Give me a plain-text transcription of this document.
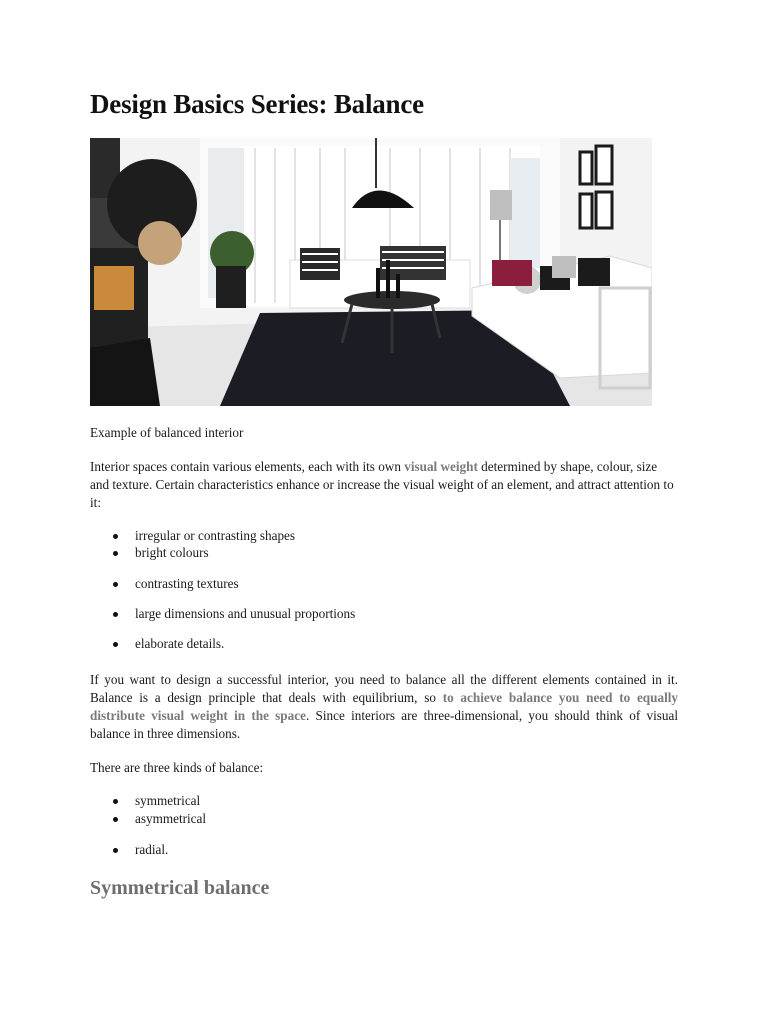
Design Basics Series: Balance

Example of balanced interior

Interior spaces contain various elements, each with its own visual weight determined by shape, colour, size and texture. Certain characteristics enhance or increase the visual weight of an element, and attract attention to it:

irregular or contrasting shapes
bright colours
contrasting textures
large dimensions and unusual proportions
elaborate details.

If you want to design a successful interior, you need to balance all the different elements contained in it. Balance is a design principle that deals with equilibrium, so to achieve balance you need to equally distribute visual weight in the space. Since interiors are three-dimensional, you should think of visual balance in three dimensions.

There are three kinds of balance:

symmetrical
asymmetrical
radial.
Symmetrical balance
